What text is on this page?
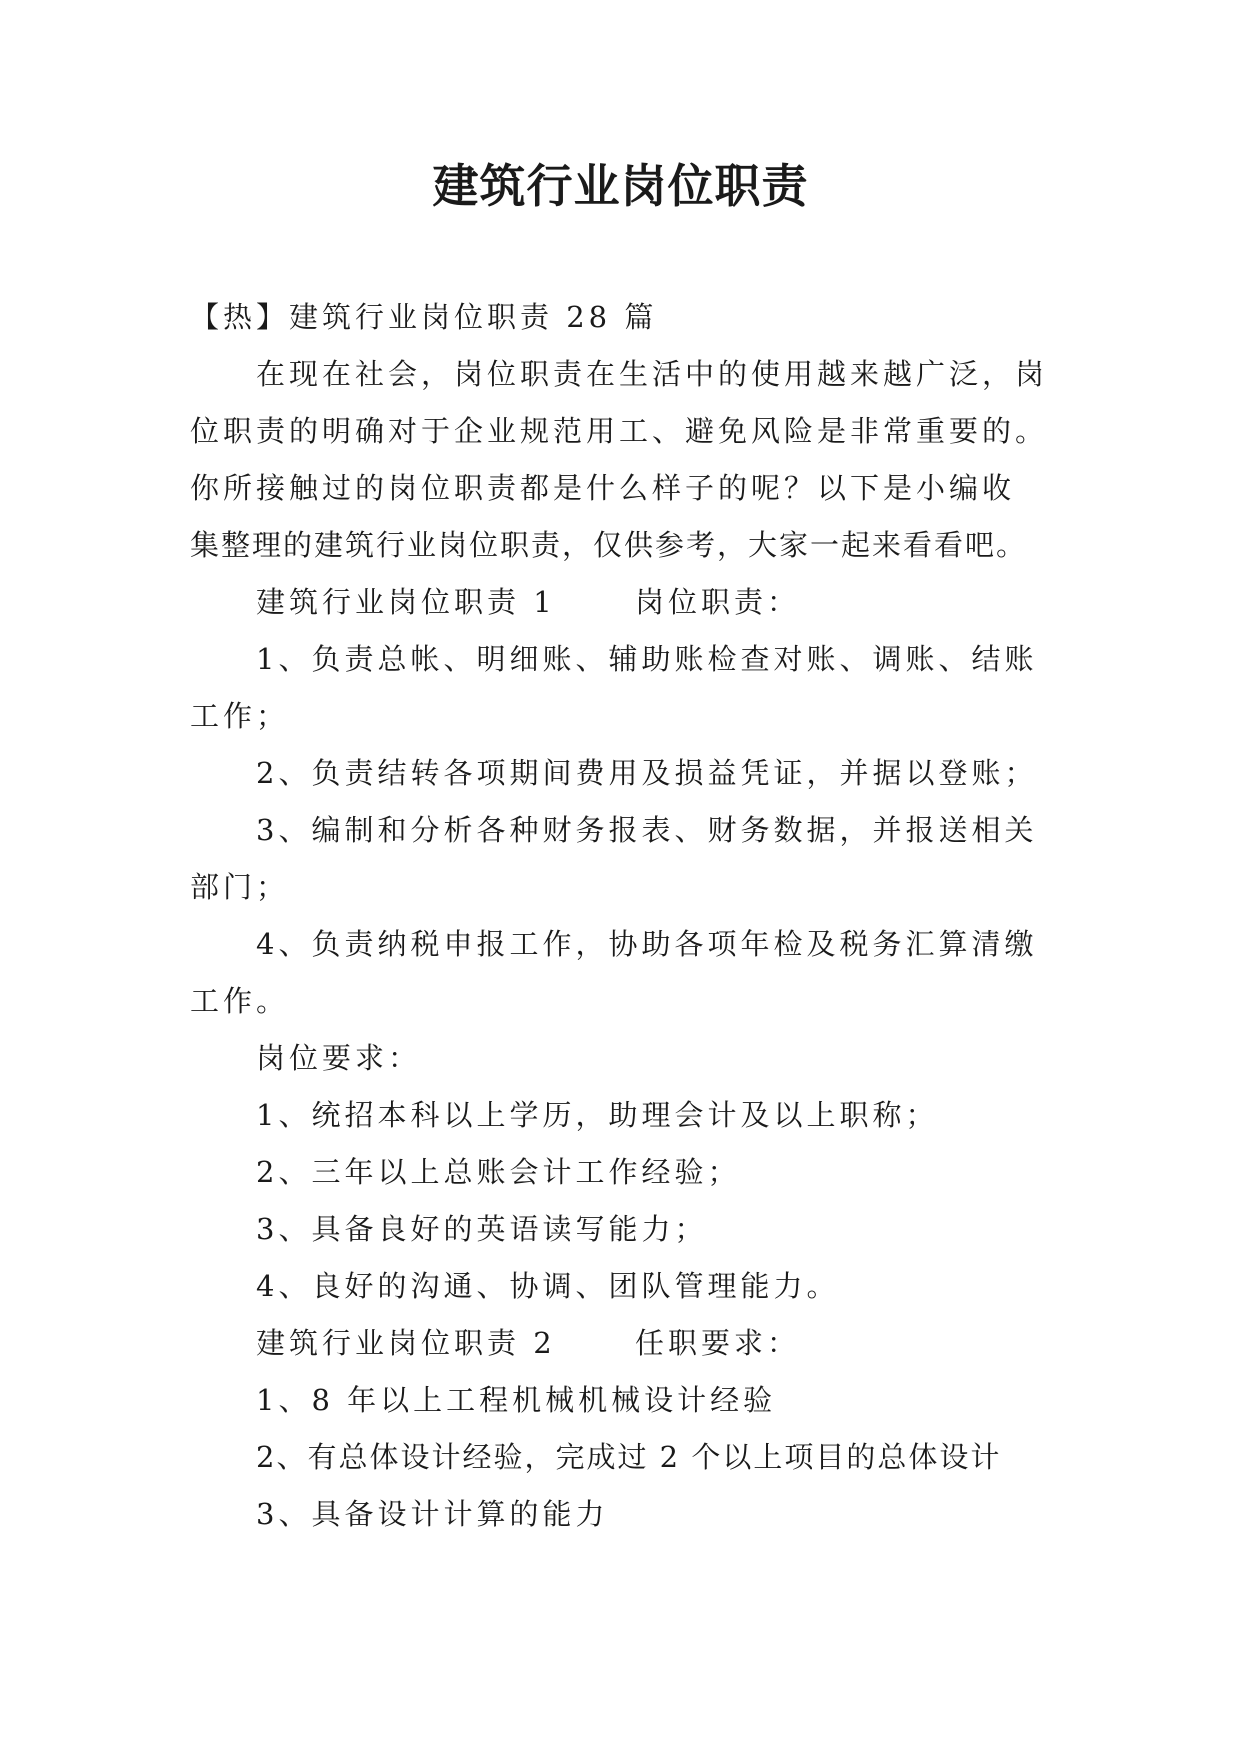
建筑行业岗位职责
【热】建筑行业岗位职责 28 篇
在现在社会，岗位职责在生活中的使用越来越广泛，岗
位职责的明确对于企业规范用工、避免风险是非常重要的。
你所接触过的岗位职责都是什么样子的呢？以下是小编收
集整理的建筑行业岗位职责，仅供参考，大家一起来看看吧。
建筑行业岗位职责 1      岗位职责：
1、负责总帐、明细账、辅助账检查对账、调账、结账
工作；
2、负责结转各项期间费用及损益凭证，并据以登账；
3、编制和分析各种财务报表、财务数据，并报送相关
部门；
4、负责纳税申报工作，协助各项年检及税务汇算清缴
工作。
岗位要求：
1、统招本科以上学历，助理会计及以上职称；
2、三年以上总账会计工作经验；
3、具备良好的英语读写能力；
4、良好的沟通、协调、团队管理能力。
建筑行业岗位职责 2      任职要求：
1、8 年以上工程机械机械设计经验
2、有总体设计经验，完成过 2 个以上项目的总体设计
3、具备设计计算的能力
